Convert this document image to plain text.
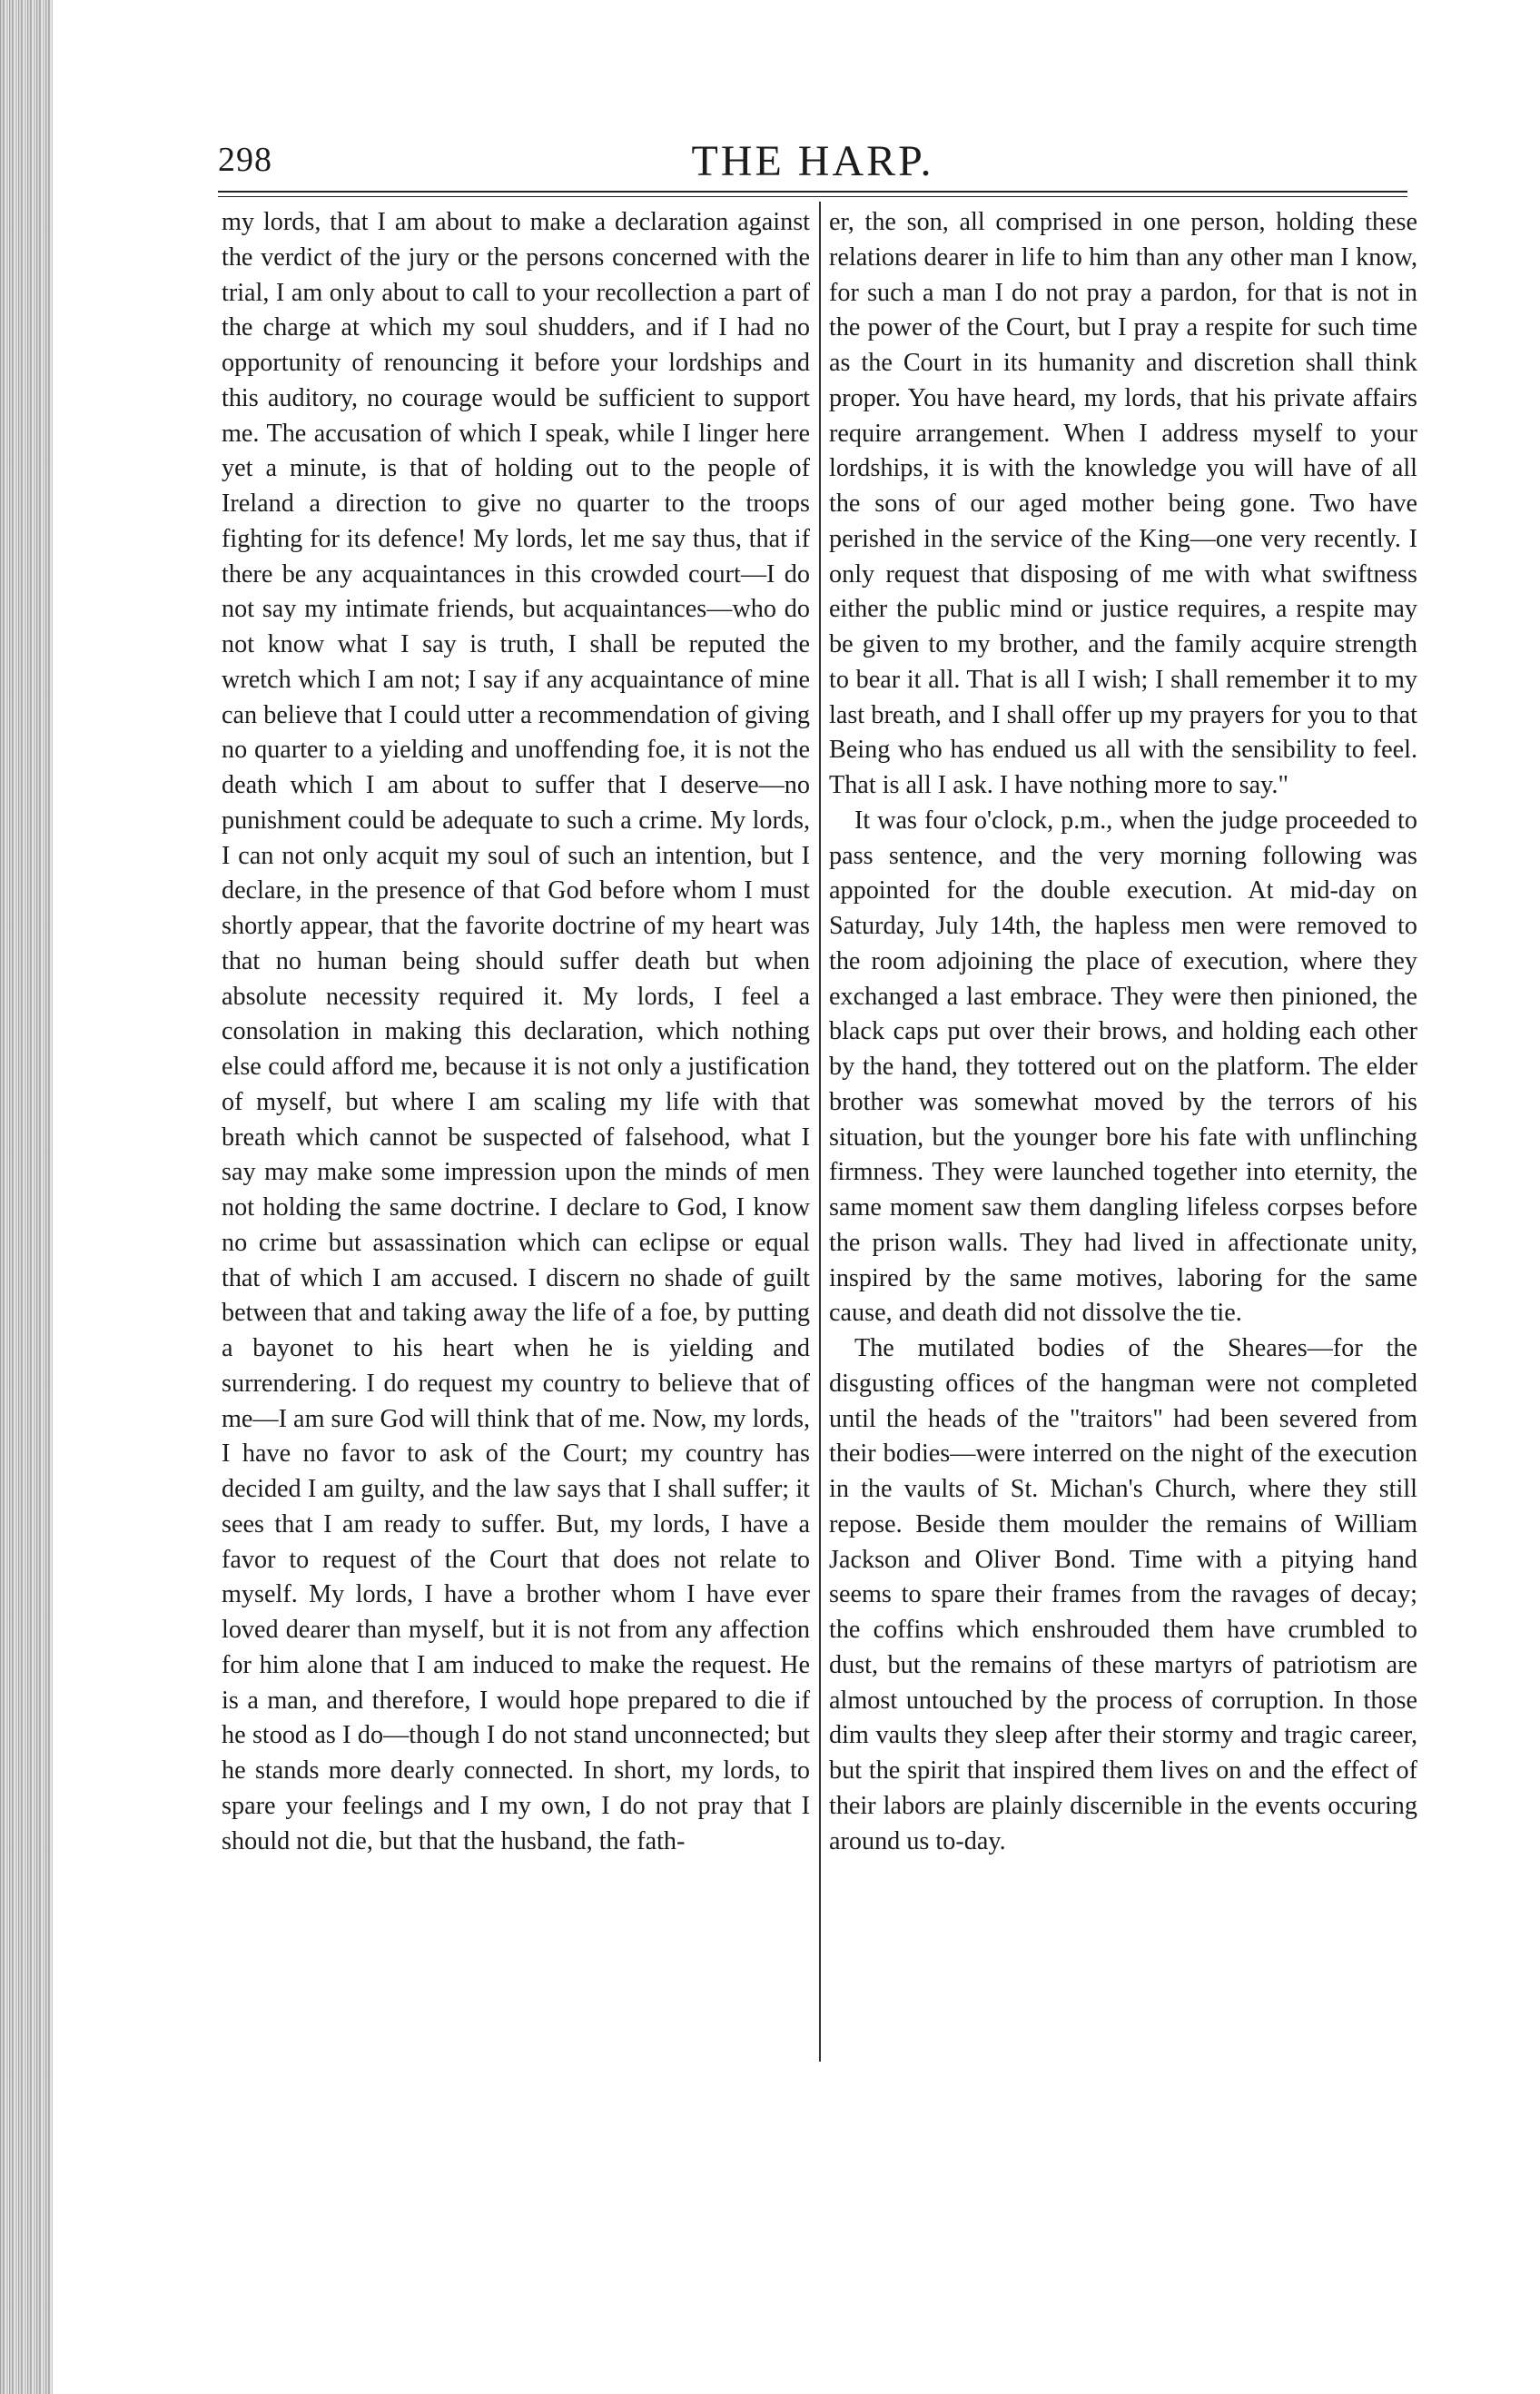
298	THE HARP.

my lords, that I am about to make a declaration against the verdict of the jury or the persons concerned with the trial, I am only about to call to your recollection a part of the charge at which my soul shudders, and if I had no opportunity of renouncing it before your lordships and this auditory, no courage would be sufficient to support me. The accusation of which I speak, while I linger here yet a minute, is that of holding out to the people of Ireland a direction to give no quarter to the troops fighting for its defence! My lords, let me say thus, that if there be any acquaintances in this crowded court—I do not say my intimate friends, but acquaintances—who do not know what I say is truth, I shall be reputed the wretch which I am not; I say if any acquaintance of mine can believe that I could utter a recommendation of giving no quarter to a yielding and unoffending foe, it is not the death which I am about to suffer that I deserve—no punishment could be adequate to such a crime. My lords, I can not only acquit my soul of such an intention, but I declare, in the presence of that God before whom I must shortly appear, that the favorite doctrine of my heart was that no human being should suffer death but when absolute necessity required it. My lords, I feel a consolation in making this declaration, which nothing else could afford me, because it is not only a justification of myself, but where I am scaling my life with that breath which cannot be suspected of falsehood, what I say may make some impression upon the minds of men not holding the same doctrine. I declare to God, I know no crime but assassination which can eclipse or equal that of which I am accused. I discern no shade of guilt between that and taking away the life of a foe, by putting a bayonet to his heart when he is yielding and surrendering. I do request my country to believe that of me—I am sure God will think that of me. Now, my lords, I have no favor to ask of the Court; my country has decided I am guilty, and the law says that I shall suffer; it sees that I am ready to suffer. But, my lords, I have a favor to request of the Court that does not relate to myself. My lords, I have a brother whom I have ever loved dearer than myself, but it is not from any affection for him alone that I am induced to make the request. He is a man, and therefore, I would hope prepared to die if he stood as I do—though I do not stand unconnected; but he stands more dearly connected. In short, my lords, to spare your feelings and I my own, I do not pray that I should not die, but that the husband, the fath-

er, the son, all comprised in one person, holding these relations dearer in life to him than any other man I know, for such a man I do not pray a pardon, for that is not in the power of the Court, but I pray a respite for such time as the Court in its humanity and discretion shall think proper. You have heard, my lords, that his private affairs require arrangement. When I address myself to your lordships, it is with the knowledge you will have of all the sons of our aged mother being gone. Two have perished in the service of the King—one very recently. I only request that disposing of me with what swiftness either the public mind or justice requires, a respite may be given to my brother, and the family acquire strength to bear it all. That is all I wish; I shall remember it to my last breath, and I shall offer up my prayers for you to that Being who has endued us all with the sensibility to feel. That is all I ask. I have nothing more to say."

It was four o'clock, p.m., when the judge proceeded to pass sentence, and the very morning following was appointed for the double execution. At mid-day on Saturday, July 14th, the hapless men were removed to the room adjoining the place of execution, where they exchanged a last embrace. They were then pinioned, the black caps put over their brows, and holding each other by the hand, they tottered out on the platform. The elder brother was somewhat moved by the terrors of his situation, but the younger bore his fate with unflinching firmness. They were launched together into eternity, the same moment saw them dangling lifeless corpses before the prison walls. They had lived in affectionate unity, inspired by the same motives, laboring for the same cause, and death did not dissolve the tie.

The mutilated bodies of the Sheares—for the disgusting offices of the hangman were not completed until the heads of the "traitors" had been severed from their bodies—were interred on the night of the execution in the vaults of St. Michan's Church, where they still repose. Beside them moulder the remains of William Jackson and Oliver Bond. Time with a pitying hand seems to spare their frames from the ravages of decay; the coffins which enshrouded them have crumbled to dust, but the remains of these martyrs of patriotism are almost untouched by the process of corruption. In those dim vaults they sleep after their stormy and tragic career, but the spirit that inspired them lives on and the effect of their labors are plainly discernible in the events occuring around us to-day.
